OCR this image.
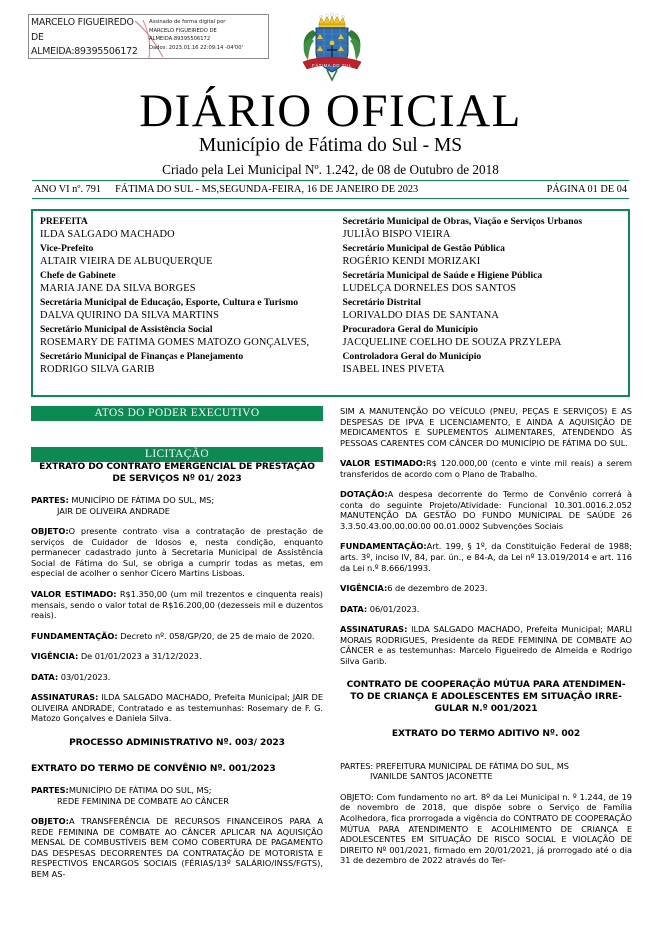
MARCELO FIGUEIREDO DE ALMEIDA:89395506172
Assinado de forma digital por
MARCELO FIGUEIREDO DE
ALMEIDA:89395506172
Dados: 2023.01.16 22:09:14 -04'00'
FÁTIMA DO SUL
DIÁRIO OFICIAL
Município de Fátima do Sul - MS
Criado pela Lei Municipal Nº. 1.242, de 08 de Outubro de 2018
ANO VI nº. 791	FÁTIMA DO SUL - MS,SEGUNDA-FEIRA, 16 DE JANEIRO DE 2023	PÁGINA 01 DE 04
PREFEITA
ILDA SALGADO MACHADO
Vice-Prefeito
ALTAIR VIEIRA DE ALBUQUERQUE
Chefe de Gabinete
MARIA JANE DA SILVA BORGES
Secretária Municipal de Educação, Esporte, Cultura e Turismo
DALVA QUIRINO DA SILVA MARTINS
Secretário Municipal de Assistência Social
ROSEMARY DE FATIMA GOMES MATOZO GONÇALVES,
Secretário Municipal de Finanças e Planejamento
RODRIGO SILVA GARIB
Secretário Municipal de Obras, Viação e Serviços Urbanos
JULIÃO BISPO VIEIRA
Secretário Municipal de Gestão Pública
ROGÉRIO KENDI MORIZAKI
Secretária Municipal de Saúde e Higiene Pública
LUDELÇA DORNELES DOS SANTOS
Secretário Distrital
LORIVALDO DIAS DE SANTANA
Procuradora Geral do Município
JACQUELINE COELHO DE SOUZA PRZYLEPA
Controladora Geral do Município
ISABEL INES PIVETA
ATOS DO PODER EXECUTIVO
LICITAÇÃO
EXTRATO DO CONTRATO EMERGENCIAL DE PRESTAÇÃO
DE SERVIÇOS Nº 01/ 2023

PARTES: MUNICÍPIO DE FÁTIMA DO SUL, MS;

JAIR DE OLIVEIRA ANDRADE

OBJETO:O presente contrato visa a contratação de prestação de serviços de Cuidador de Idosos e, nesta condição, enquanto permanecer cadastrado junto à Secretaria Municipal de Assistência Social de Fátima do Sul, se obriga a cumprir todas as metas, em especial de acolher o senhor Cicero Martins Lisboas.

VALOR ESTIMADO: R$1.350,00 (um mil trezentos e cinquenta reais) mensais, sendo o valor total de R$16.200,00 (dezesseis mil e duzentos reais).

FUNDAMENTAÇÃO: Decreto nº. 058/GP/20, de 25 de maio de 2020.

VIGÊNCIA: De 01/01/2023 a 31/12/2023.

DATA: 03/01/2023.

ASSINATURAS: ILDA SALGADO MACHADO, Prefeita Municipal; JAIR DE OLIVEIRA ANDRADE, Contratado e as testemunhas: Rosemary de F. G. Matozo Gonçalves e Daniela Silva.

PROCESSO ADMINISTRATIVO Nº. 003/ 2023
EXTRATO DO TERMO DE CONVÊNIO Nº. 001/2023

PARTES:MUNICÍPIO DE FÁTIMA DO SUL, MS;

REDE FEMININA DE COMBATE AO CÂNCER

OBJETO:A TRANSFERÊNCIA DE RECURSOS FINANCEIROS PARA A REDE FEMININA DE COMBATE AO CÂNCER APLICAR NA AQUISIÇÃO MENSAL DE COMBUSTÍVEIS BEM COMO COBERTURA DE PAGAMENTO DAS DESPESAS DECORRENTES DA CONTRATAÇÃO DE MOTORISTA E RESPECTIVOS ENCARGOS SOCIAIS (FÉRIAS/13º SALÁRIO/INSS/FGTS), BEM AS-

SIM A MANUTENÇÃO DO VEÍCULO (PNEU, PEÇAS E SERVIÇOS) E AS DESPESAS DE IPVA E LICENCIAMENTO, E AINDA A AQUISIÇÃO DE MEDICAMENTOS E SUPLEMENTOS ALIMENTARES, ATENDENDO ÀS PESSOAS CARENTES COM CÂNCER DO MUNICÍPIO DE FÁTIMA DO SUL.

VALOR ESTIMADO:R$ 120.000,00 (cento e vinte mil reais) a serem transferidos de acordo com o Plano de Trabalho.

DOTAÇÃO:A despesa decorrente do Termo de Convênio correrá à conta do seguinte Projeto/Atividade: Funcional 10.301.0016.2.052 MANUTENÇÃO DA GESTÃO DO FUNDO MUNICIPAL DE SAÚDE 26 3.3.50.43.00.00.00.00 00.01.0002 Subvenções Sociais

FUNDAMENTAÇÃO:Art. 199, § 1º, da Constituição Federal de 1988; arts. 3º, inciso IV, 84, par. ún., e 84-A, da Lei nº 13.019/2014 e art. 116 da Lei n.º 8.666/1993.

VIGÊNCIA:6 de dezembro de 2023.

DATA: 06/01/2023.

ASSINATURAS: ILDA SALGADO MACHADO, Prefeita Municipal; MARLI MORAIS RODRIGUES, Presidente da REDE FEMININA DE COMBATE AO CÂNCER e as testemunhas: Marcelo Figueiredo de Almeida e Rodrigo Silva Garib.

CONTRATO DE COOPERAÇÃO MÚTUA PARA ATENDIMEN-
TO DE CRIANÇA E ADOLESCENTES EM SITUAÇÃO IRRE-
GULAR N.º 001/2021
EXTRATO DO TERMO ADITIVO Nº. 002

PARTES: PREFEITURA MUNICIPAL DE FÁTIMA DO SUL, MS

IVANILDE SANTOS JACONETTE

OBJETO: Com fundamento no art. 8º da Lei Municipal n. º 1.244, de 19 de novembro de 2018, que dispõe sobre o Serviço de Família Acolhedora, fica prorrogada a vigência do CONTRATO DE COOPERAÇÃO MÚTUA PARA ATENDIMENTO E ACOLHIMENTO DE CRIANÇA E ADOLESCENTES EM SITUAÇÃO DE RISCO SOCIAL E VIOLAÇÃO DE DIREITO Nº 001/2021, firmado em 20/01/2021, já prorrogado até o dia 31 de dezembro de 2022 através do Ter-
